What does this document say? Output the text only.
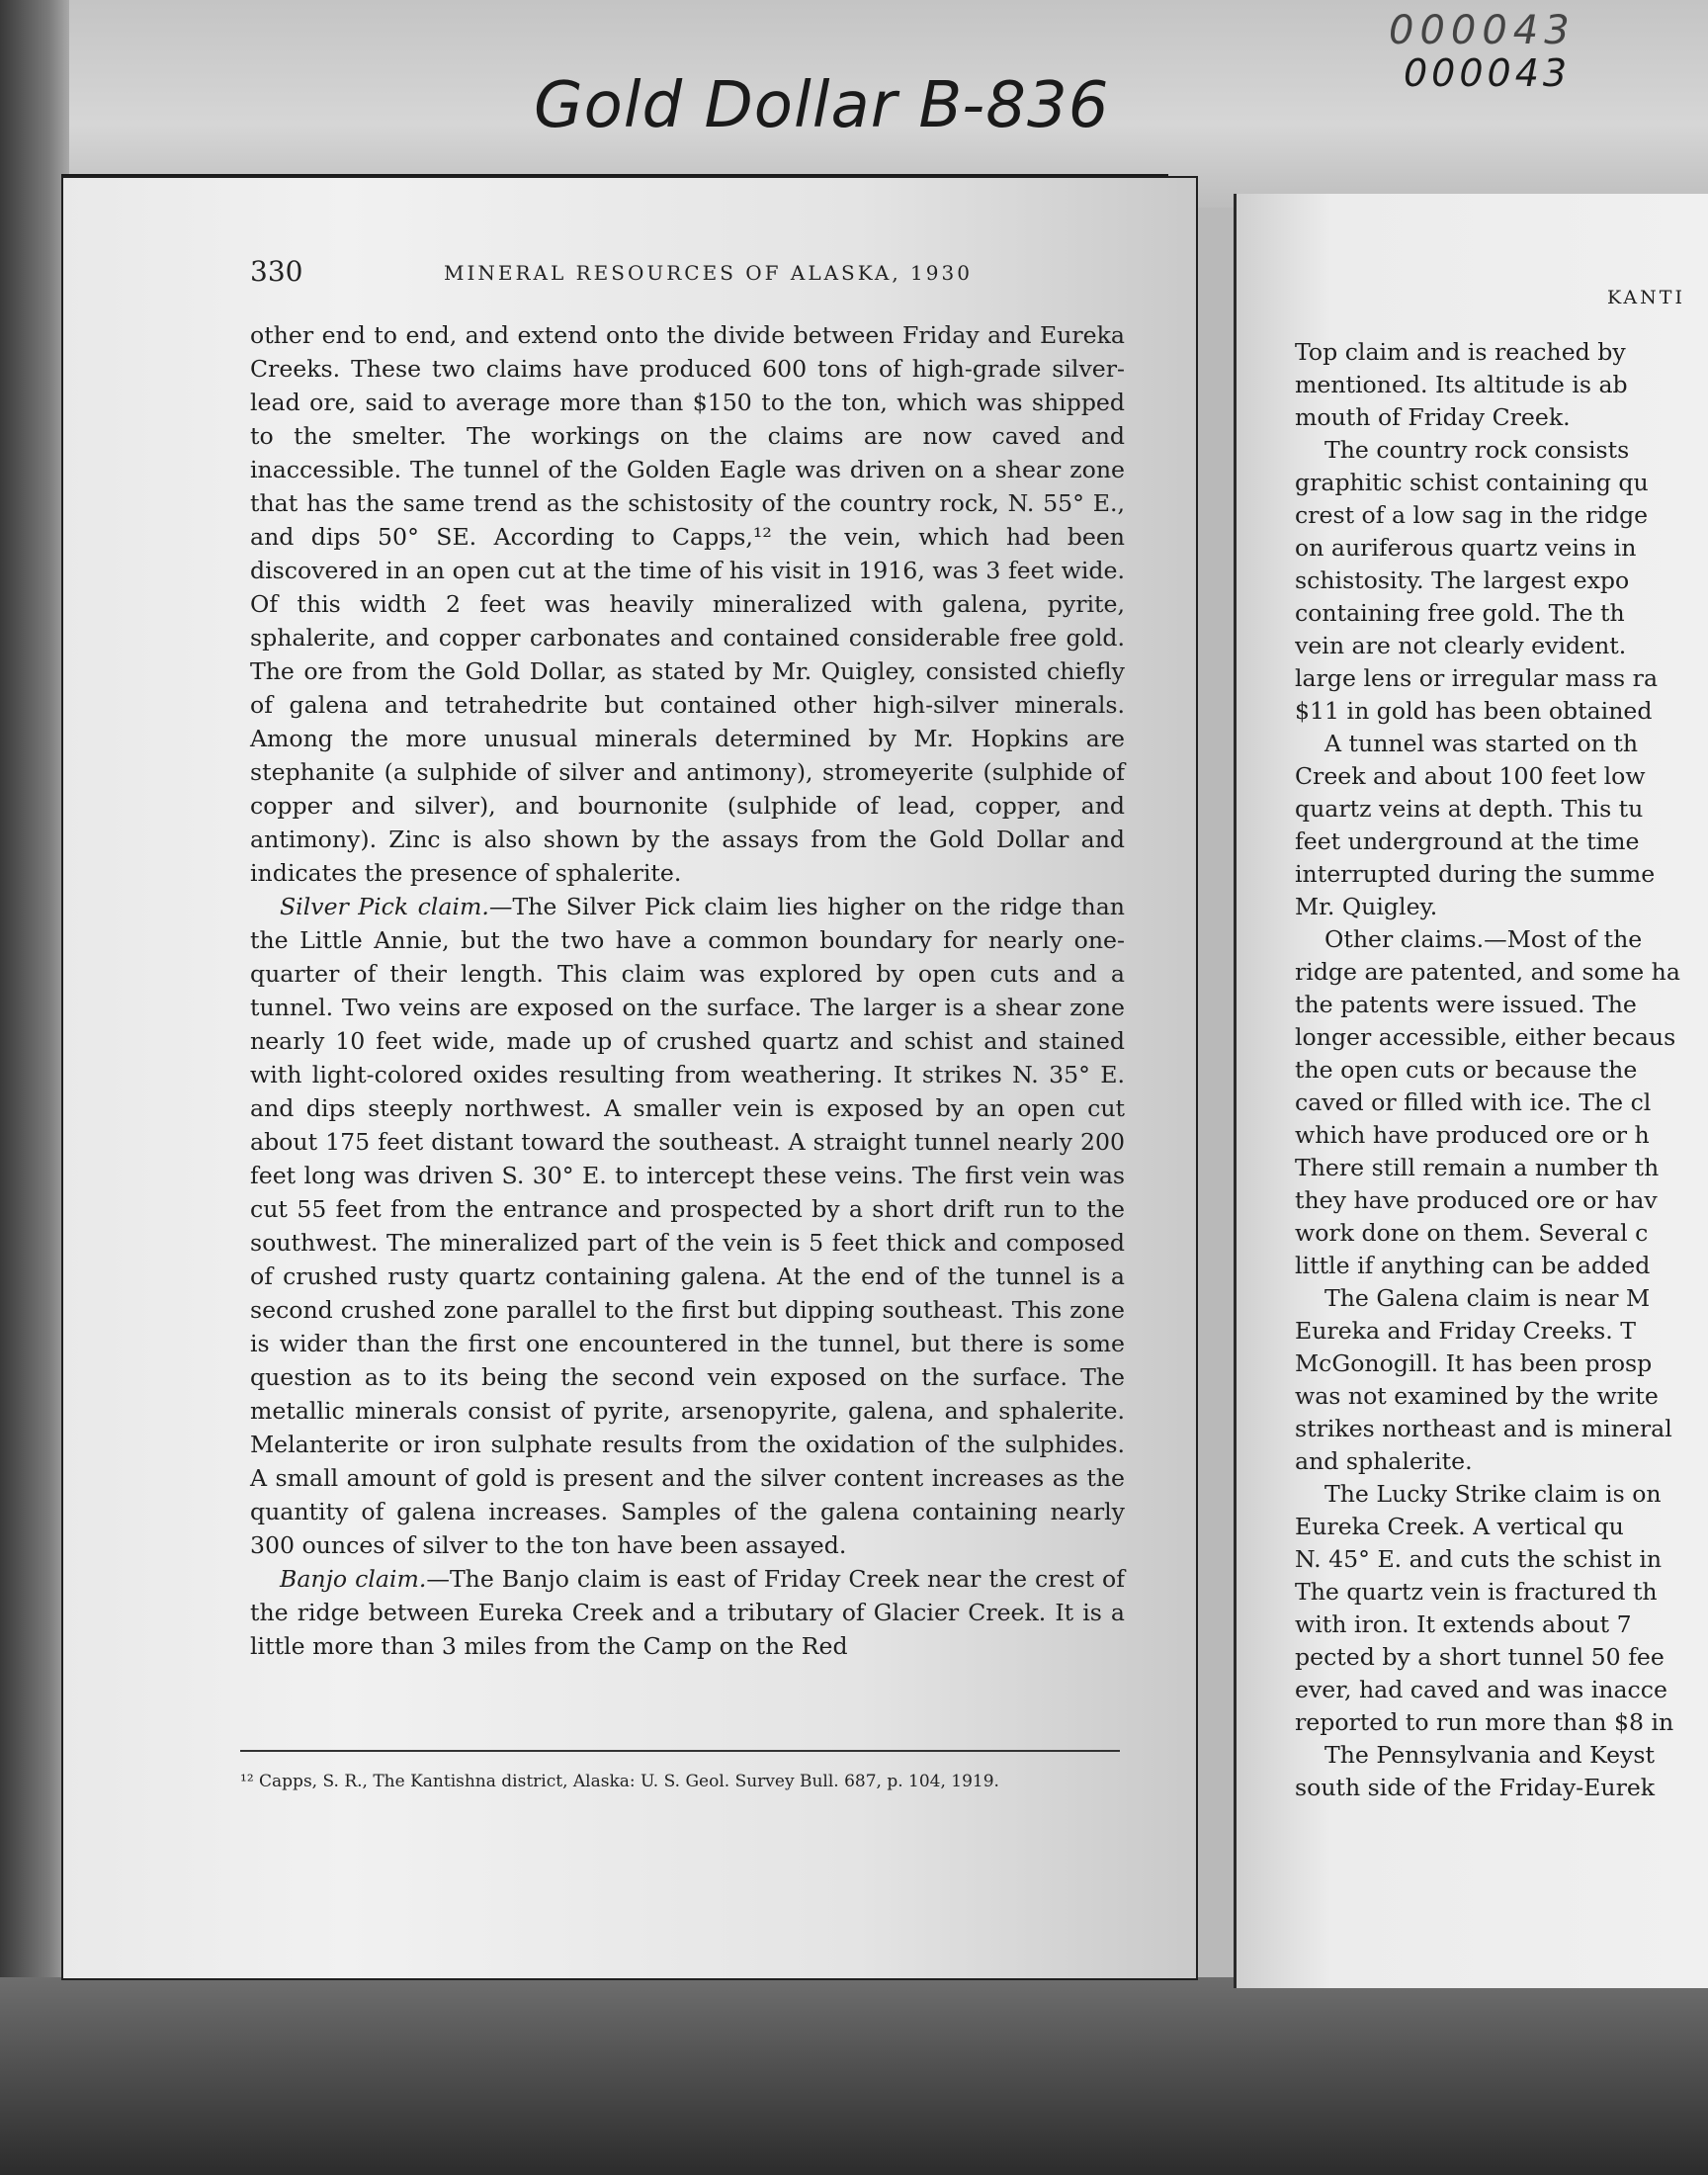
Gold Dollar B-836
000043
000043
330	MINERAL RESOURCES OF ALASKA, 1930

other end to end, and extend onto the divide between Friday and Eureka Creeks. These two claims have produced 600 tons of high-grade silver-lead ore, said to average more than $150 to the ton, which was shipped to the smelter. The workings on the claims are now caved and inaccessible. The tunnel of the Golden Eagle was driven on a shear zone that has the same trend as the schistosity of the country rock, N. 55° E., and dips 50° SE. According to Capps,¹² the vein, which had been discovered in an open cut at the time of his visit in 1916, was 3 feet wide. Of this width 2 feet was heavily mineralized with galena, pyrite, sphalerite, and copper carbonates and contained considerable free gold. The ore from the Gold Dollar, as stated by Mr. Quigley, consisted chiefly of galena and tetrahedrite but contained other high-silver minerals. Among the more unusual minerals determined by Mr. Hopkins are stephanite (a sulphide of silver and antimony), stromeyerite (sulphide of copper and silver), and bournonite (sulphide of lead, copper, and antimony). Zinc is also shown by the assays from the Gold Dollar and indicates the presence of sphalerite.

Silver Pick claim.—The Silver Pick claim lies higher on the ridge than the Little Annie, but the two have a common boundary for nearly one-quarter of their length. This claim was explored by open cuts and a tunnel. Two veins are exposed on the surface. The larger is a shear zone nearly 10 feet wide, made up of crushed quartz and schist and stained with light-colored oxides resulting from weathering. It strikes N. 35° E. and dips steeply northwest. A smaller vein is exposed by an open cut about 175 feet distant toward the southeast. A straight tunnel nearly 200 feet long was driven S. 30° E. to intercept these veins. The first vein was cut 55 feet from the entrance and prospected by a short drift run to the southwest. The mineralized part of the vein is 5 feet thick and composed of crushed rusty quartz containing galena. At the end of the tunnel is a second crushed zone parallel to the first but dipping southeast. This zone is wider than the first one encountered in the tunnel, but there is some question as to its being the second vein exposed on the surface. The metallic minerals consist of pyrite, arsenopyrite, galena, and sphalerite. Melanterite or iron sulphate results from the oxidation of the sulphides. A small amount of gold is present and the silver content increases as the quantity of galena increases. Samples of the galena containing nearly 300 ounces of silver to the ton have been assayed.

Banjo claim.—The Banjo claim is east of Friday Creek near the crest of the ridge between Eureka Creek and a tributary of Glacier Creek. It is a little more than 3 miles from the Camp on the Red

¹² Capps, S. R., The Kantishna district, Alaska: U. S. Geol. Survey Bull. 687, p. 104, 1919.
KANTI
Top claim and is reached by
mentioned. Its altitude is ab
mouth of Friday Creek.
The country rock consists
graphitic schist containing qu
crest of a low sag in the ridge
on auriferous quartz veins in
schistosity. The largest expo
containing free gold. The th
vein are not clearly evident.
large lens or irregular mass ra
$11 in gold has been obtained
A tunnel was started on th
Creek and about 100 feet low
quartz veins at depth. This tu
feet underground at the time
interrupted during the summe
Mr. Quigley.
Other claims.—Most of the
ridge are patented, and some ha
the patents were issued. The
longer accessible, either becaus
the open cuts or because the
caved or filled with ice. The cl
which have produced ore or h
There still remain a number th
they have produced ore or hav
work done on them. Several c
little if anything can be added
The Galena claim is near M
Eureka and Friday Creeks. T
McGonogill. It has been prosp
was not examined by the write
strikes northeast and is mineral
and sphalerite.
The Lucky Strike claim is on
Eureka Creek. A vertical qu
N. 45° E. and cuts the schist in
The quartz vein is fractured th
with iron. It extends about 7
pected by a short tunnel 50 fee
ever, had caved and was inacce
reported to run more than $8 in
The Pennsylvania and Keyst
south side of the Friday-Eurek
